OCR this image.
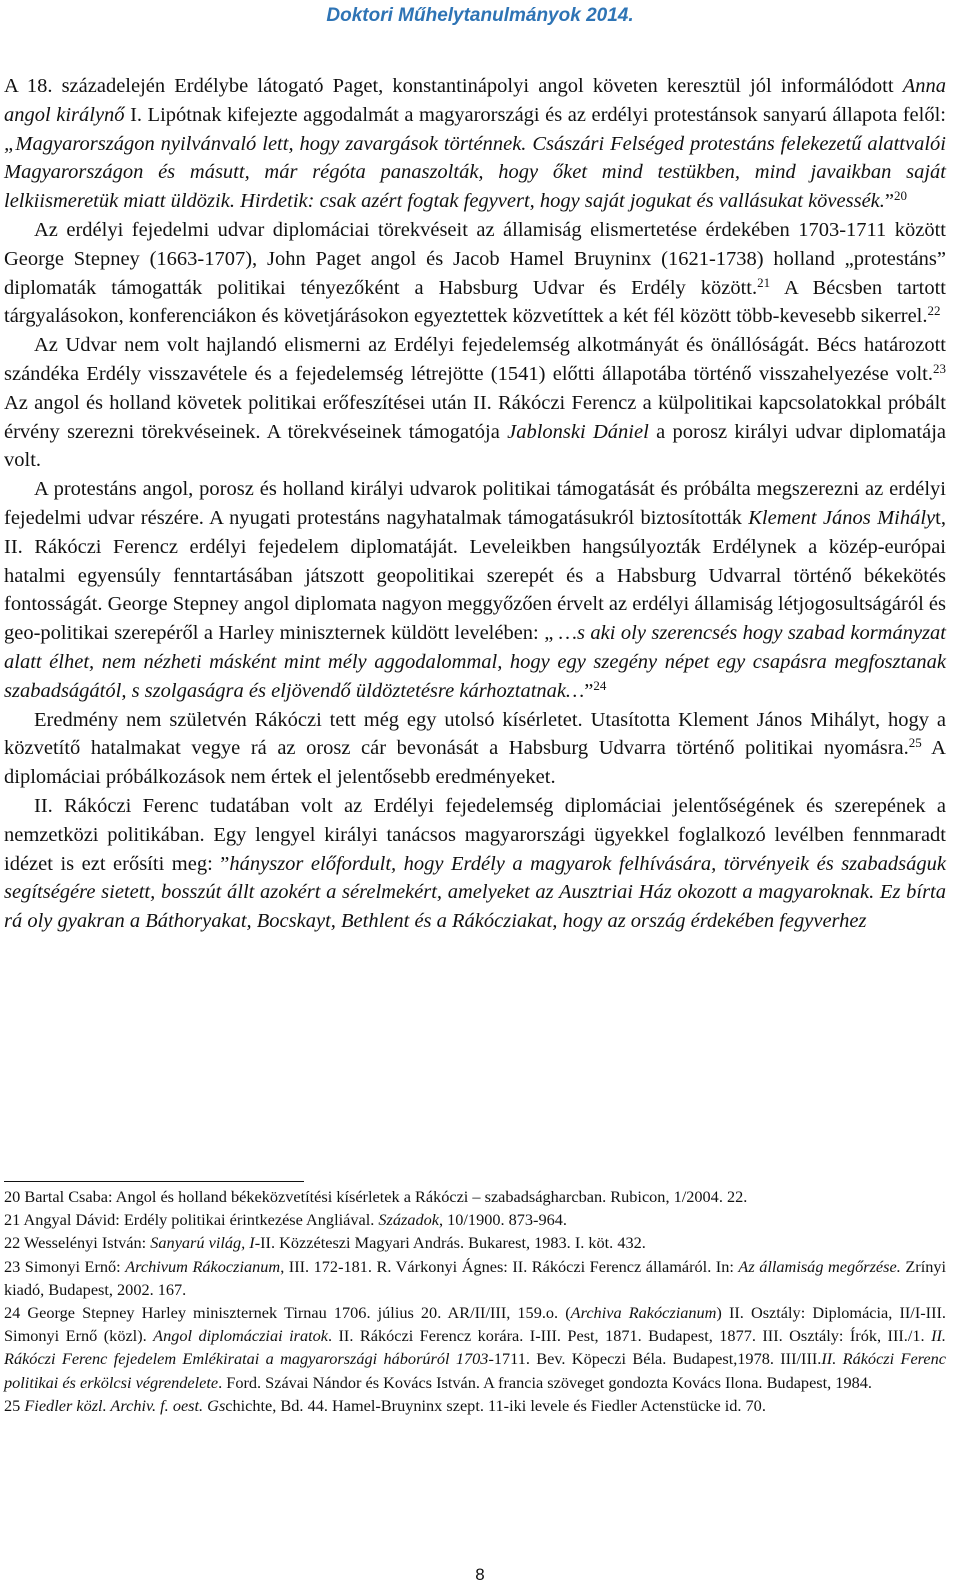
Doktori Műhelytanulmányok 2014.

A 18. századelején Erdélybe látogató Paget, konstantinápolyi angol követen keresztül jól informálódott Anna angol királynő I. Lipótnak kifejezte aggodalmát a magyarországi és az erdélyi protestánsok sanyarú állapota felől: „Magyarországon nyilvánvaló lett, hogy zavargások történnek. Császári Felséged protestáns felekezetű alattvalói Magyarországon és másutt, már régóta panaszolták, hogy őket mind testükben, mind javaikban saját lelkiismeretük miatt üldözik. Hirdetik: csak azért fogtak fegyvert, hogy saját jogukat és vallásukat kövessék.”$^{20}$

Az erdélyi fejedelmi udvar diplomáciai törekvéseit az államiság elismertetése érdekében 1703-1711 között George Stepney (1663-1707), John Paget angol és Jacob Hamel Bruyninx (1621-1738) holland „protestáns” diplomaták támogatták politikai tényezőként a Habsburg Udvar és Erdély között.$^{21}$ A Bécsben tartott tárgyalásokon, konferenciákon és követjárásokon egyeztettek közvetíttek a két fél között több-kevesebb sikerrel.$^{22}$

Az Udvar nem volt hajlandó elismerni az Erdélyi fejedelemség alkotmányát és önállóságát. Bécs határozott szándéka Erdély visszavétele és a fejedelemség létrejötte (1541) előtti állapotába történő visszahelyezése volt.$^{23}$ Az angol és holland követek politikai erőfeszítései után II. Rákóczi Ferencz a külpolitikai kapcsolatokkal próbált érvény szerezni törekvéseinek. A törekvéseinek támogatója Jablonski Dániel a porosz királyi udvar diplomatája volt.

A protestáns angol, porosz és holland királyi udvarok politikai támogatását és próbálta megszerezni az erdélyi fejedelmi udvar részére. A nyugati protestáns nagyhatalmak támogatásukról biztosították Klement János Mihályt, II. Rákóczi Ferencz erdélyi fejedelem diplomatáját. Leveleikben hangsúlyozták Erdélynek a közép-európai hatalmi egyensúly fenntartásában játszott geopolitikai szerepét és a Habsburg Udvarral történő békekötés fontosságát. George Stepney angol diplomata nagyon meggyőzően érvelt az erdélyi államiság létjogosultságáról és geo-politikai szerepéről a Harley miniszternek küldött levelében: „ …s aki oly szerencsés hogy szabad kormányzat alatt élhet, nem nézheti másként mint mély aggodalommal, hogy egy szegény népet egy csapásra megfosztanak szabadságától, s szolgaságra és eljövendő üldöztetésre kárhoztatnak…”$^{24}$

Eredmény nem születvén Rákóczi tett még egy utolsó kísérletet. Utasította Klement János Mihályt, hogy a közvetítő hatalmakat vegye rá az orosz cár bevonását a Habsburg Udvarra történő politikai nyomásra.$^{25}$ A diplomáciai próbálkozások nem értek el jelentősebb eredményeket.

II. Rákóczi Ferenc tudatában volt az Erdélyi fejedelemség diplomáciai jelentőségének és szerepének a nemzetközi politikában. Egy lengyel királyi tanácsos magyarországi ügyekkel foglalkozó levélben fennmaradt idézet is ezt erősíti meg: ”hányszor előfordult, hogy Erdély a magyarok felhívására, törvényeik és szabadságuk segítségére sietett, bosszút állt azokért a sérelmekért, amelyeket az Ausztriai Ház okozott a magyaroknak. Ez bírta rá oly gyakran a Báthoryakat, Bocskayt, Bethlent és a Rákócziakat, hogy az ország érdekében fegyverhez

20 Bartal Csaba: Angol és holland békeközvetítési kísérletek a Rákóczi – szabadságharcban. Rubicon, 1/2004. 22.
21 Angyal Dávid: Erdély politikai érintkezése Angliával. Századok, 10/1900. 873-964.
22 Wesselényi István: Sanyarú világ, I-II. Közzéteszi Magyari András. Bukarest, 1983. I. köt. 432.
23 Simonyi Ernő: Archivum Rákoczianum, III. 172-181. R. Várkonyi Ágnes: II. Rákóczi Ferencz államáról. In: Az államiság megőrzése. Zrínyi kiadó, Budapest, 2002. 167.
24 George Stepney Harley miniszternek Tirnau 1706. július 20. AR/II/III, 159.o. (Archiva Rakóczianum) II. Osztály: Diplomácia, II/I-III. Simonyi Ernő (közl). Angol diplomácziai iratok. II. Rákóczi Ferencz korára. I-III. Pest, 1871. Budapest, 1877. III. Osztály: Írók, III./1. II. Rákóczi Ferenc fejedelem Emlékiratai a magyarországi háborúról 1703-1711. Bev. Köpeczi Béla. Budapest,1978. III/III.II. Rákóczi Ferenc politikai és erkölcsi végrendelete. Ford. Szávai Nándor és Kovács István. A francia szöveget gondozta Kovács Ilona. Budapest, 1984.
25 Fiedler közl. Archiv. f. oest. Gschichte, Bd. 44. Hamel-Bruyninx szept. 11-iki levele és Fiedler Actenstücke id. 70.
8
